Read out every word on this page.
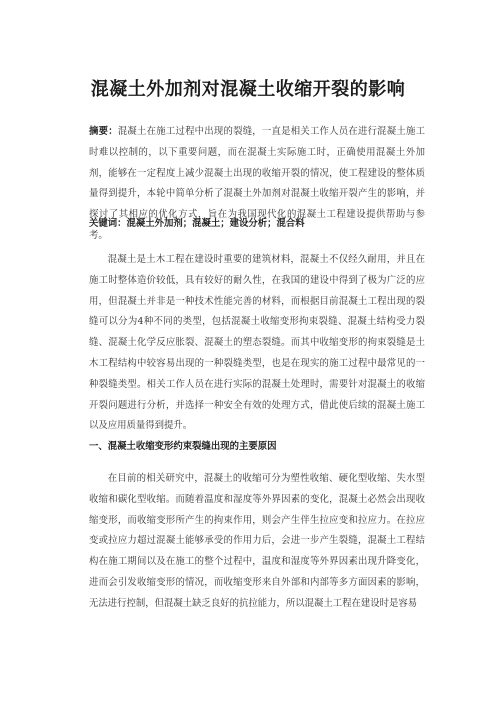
混凝土外加剂对混凝土收缩开裂的影响

摘要：混凝土在施工过程中出现的裂缝，一直是相关工作人员在进行混凝土施工时难以控制的，以下重要问题，而在混凝土实际施工时，正确使用混凝土外加剂，能够在一定程度上减少混凝土出现的收缩开裂的情况，使工程建设的整体质量得到提升，本轮中简单分析了混凝土外加剂对混凝土收缩开裂产生的影响，并探讨了其相应的优化方式，旨在为我国现代化的混凝土工程建设提供帮助与参考。

关键词：混凝土外加剂；混凝土；建设分析；混合料

混凝土是土木工程在建设时重要的建筑材料，混凝土不仅经久耐用，并且在施工时整体造价较低，具有较好的耐久性，在我国的建设中得到了极为广泛的应用，但混凝土并非是一种技术性能完善的材料，而根据目前混凝土工程出现的裂缝可以分为4种不同的类型，包括混凝土收缩变形拘束裂缝、混凝土结构受力裂缝、混凝土化学反应胀裂、混凝土的塑态裂缝。而其中收缩变形的拘束裂缝是土木工程结构中较容易出现的一种裂缝类型，也是在现实的施工过程中最常见的一种裂缝类型。相关工作人员在进行实际的混凝土处理时，需要针对混凝土的收缩开裂问题进行分析，并选择一种安全有效的处理方式，借此使后续的混凝土施工以及应用质量得到提升。

一、混凝土收缩变形约束裂缝出现的主要原因

在目前的相关研究中，混凝土的收缩可分为塑性收缩、硬化型收缩、失水型收缩和碳化型收缩。而随着温度和湿度等外界因素的变化，混凝土必然会出现收缩变形，而收缩变形所产生的拘束作用，则会产生伴生拉应变和拉应力。在拉应变或拉应力超过混凝土能够承受的作用力后，会进一步产生裂缝，混凝土工程结构在施工期间以及在施工的整个过程中，温度和湿度等外界因素出现升降变化，进而会引发收缩变形的情况，而收缩变形来自外部和内部等多方面因素的影响，无法进行控制，但混凝土缺乏良好的抗拉能力，所以混凝土工程在建设时是容易
